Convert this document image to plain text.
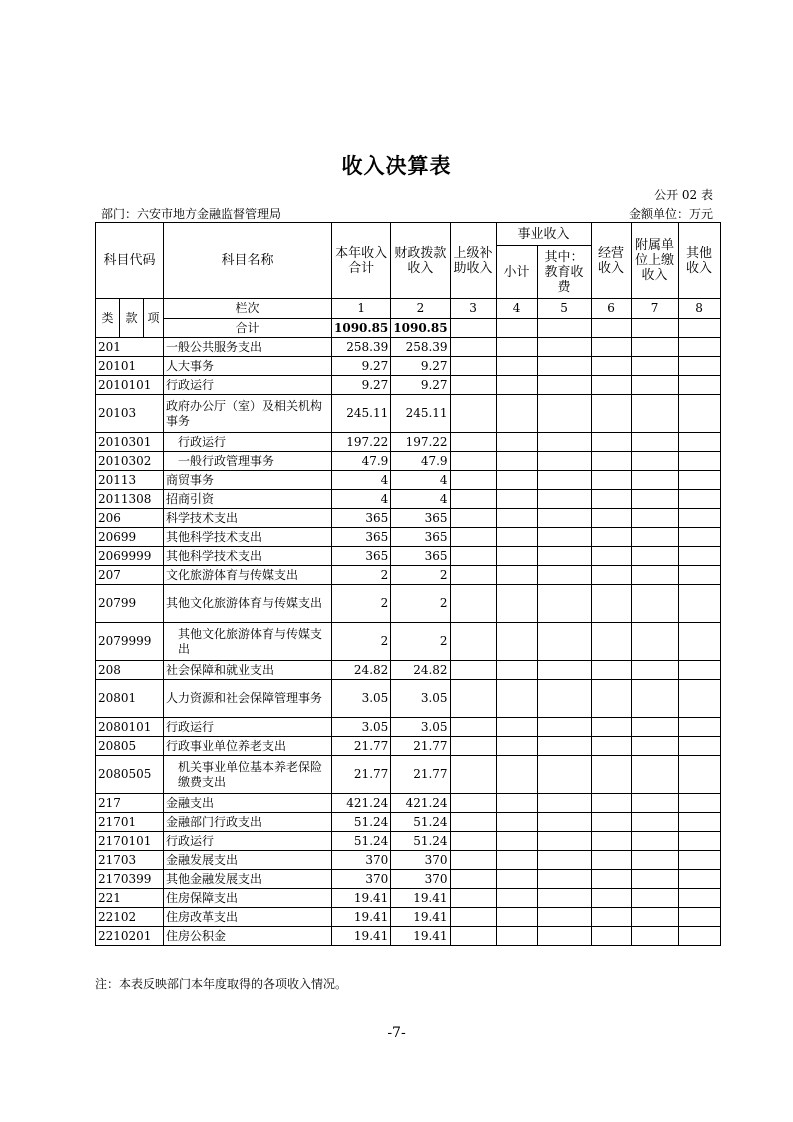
收入决算表
公开 02 表
部门：六安市地方金融监督管理局	金额单位：万元
科目代码			科目名称	本年收入合计	财政拨款收入	上级补助收入	事业收入		经营收入	附属单位上缴收入	其他收入
							小计	其中：教育收费			

类	款	项	栏次	1	2	3	4	5	6	7	8
			合计	1090.85	1090.85						
201			一般公共服务支出	258.39	258.39						
20101			人大事务	9.27	9.27						
2010101			行政运行	9.27	9.27						
20103			政府办公厅（室）及相关机构事务	245.11	245.11						
2010301			行政运行	197.22	197.22						
2010302			一般行政管理事务	47.9	47.9						
20113			商贸事务	4	4						
2011308			招商引资	4	4						
206			科学技术支出	365	365						
20699			其他科学技术支出	365	365						
2069999			其他科学技术支出	365	365						
207			文化旅游体育与传媒支出	2	2						
20799			其他文化旅游体育与传媒支出	2	2						
2079999			其他文化旅游体育与传媒支出	2	2						
208			社会保障和就业支出	24.82	24.82						
20801			人力资源和社会保障管理事务	3.05	3.05						
2080101			行政运行	3.05	3.05						
20805			行政事业单位养老支出	21.77	21.77						
2080505			机关事业单位基本养老保险缴费支出	21.77	21.77						
217			金融支出	421.24	421.24						
21701			金融部门行政支出	51.24	51.24						
2170101			行政运行	51.24	51.24						
21703			金融发展支出	370	370						
2170399			其他金融发展支出	370	370						
221			住房保障支出	19.41	19.41						
22102			住房改革支出	19.41	19.41						
2210201			住房公积金	19.41	19.41						
注：本表反映部门本年度取得的各项收入情况。
-7-
